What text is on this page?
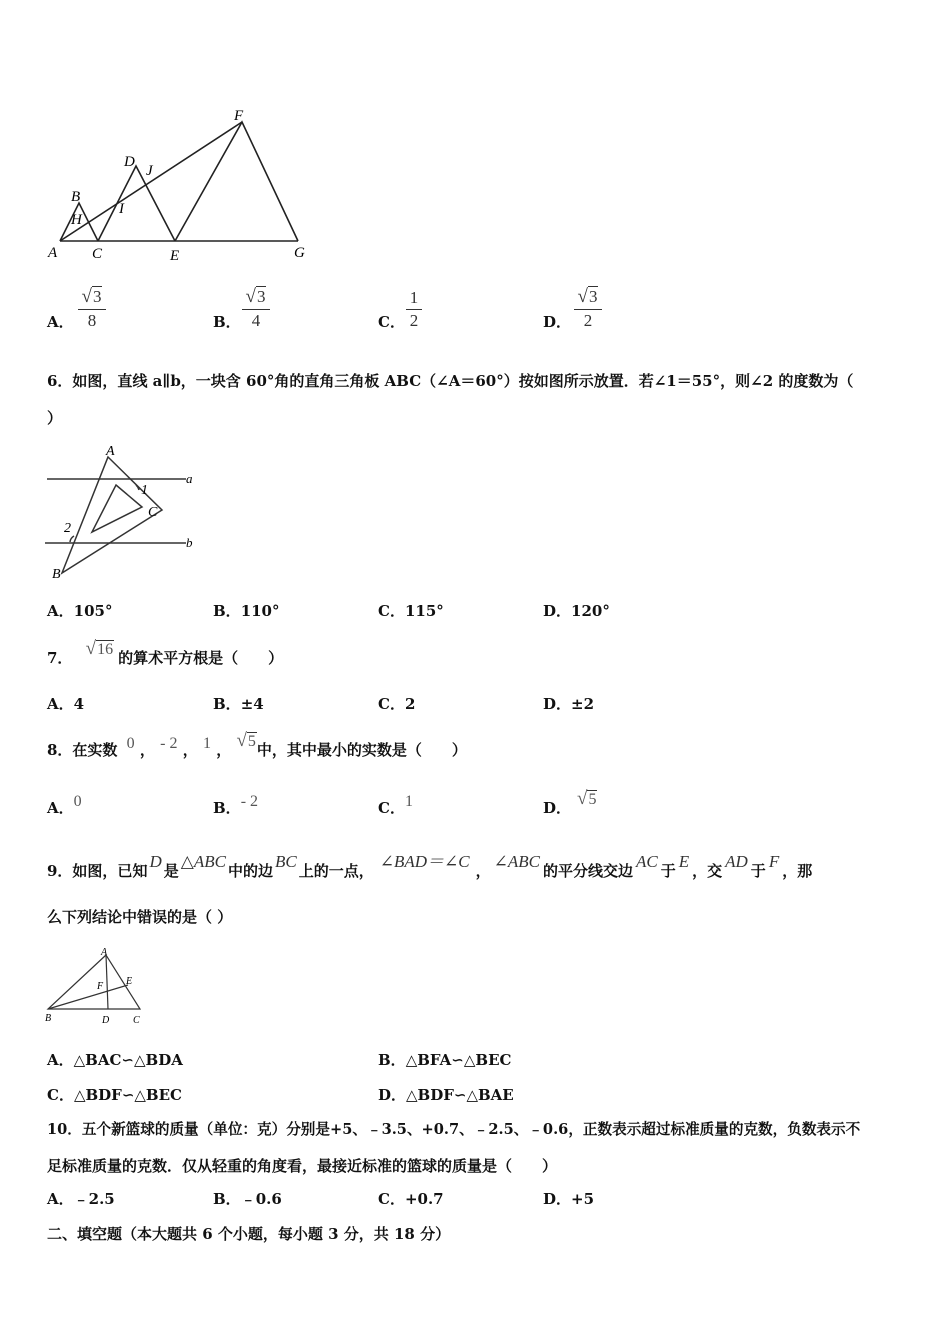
A
B
C
D
E
F
G
H
I
J
A．
√3
8	B．
√3
4	C．
1
2	D．
√3
2
6．如图，直线 a∥b，一块含 60°角的直角三角板 ABC（∠A＝60°）按如图所示放置．若∠1＝55°，则∠2 的度数为（
）
A
B
C
a
b
1
2
A．105°	B．110°	C．115°	D．120°
7． √16 的算术平方根是（　　）
A．4	B．±4	C．2	D．±2
8．在实数 0 ， - 2 ， 1 ， √5中，其中最小的实数是（　　）
A．0	B．- 2	C．1	D． √5
9．如图，已知 D 是 △ABC 中的边 BC 上的一点， ∠BAD＝∠C ， ∠ABC 的平分线交边 AC 于 E ，交 AD 于 F ，那
么下列结论中错误的是（ ）
A
B	C
D
E
F
A．△BAC∽△BDA	B．△BFA∽△BEC
C．△BDF∽△BEC	D．△BDF∽△BAE
10．五个新篮球的质量（单位：克）分别是+5、﹣3.5、+0.7、﹣2.5、﹣0.6，正数表示超过标准质量的克数，负数表示不
足标准质量的克数．仅从轻重的角度看，最接近标准的篮球的质量是（　　）
A．﹣2.5	B．﹣0.6	C．+0.7	D．+5
二、填空题（本大题共 6 个小题，每小题 3 分，共 18 分）
